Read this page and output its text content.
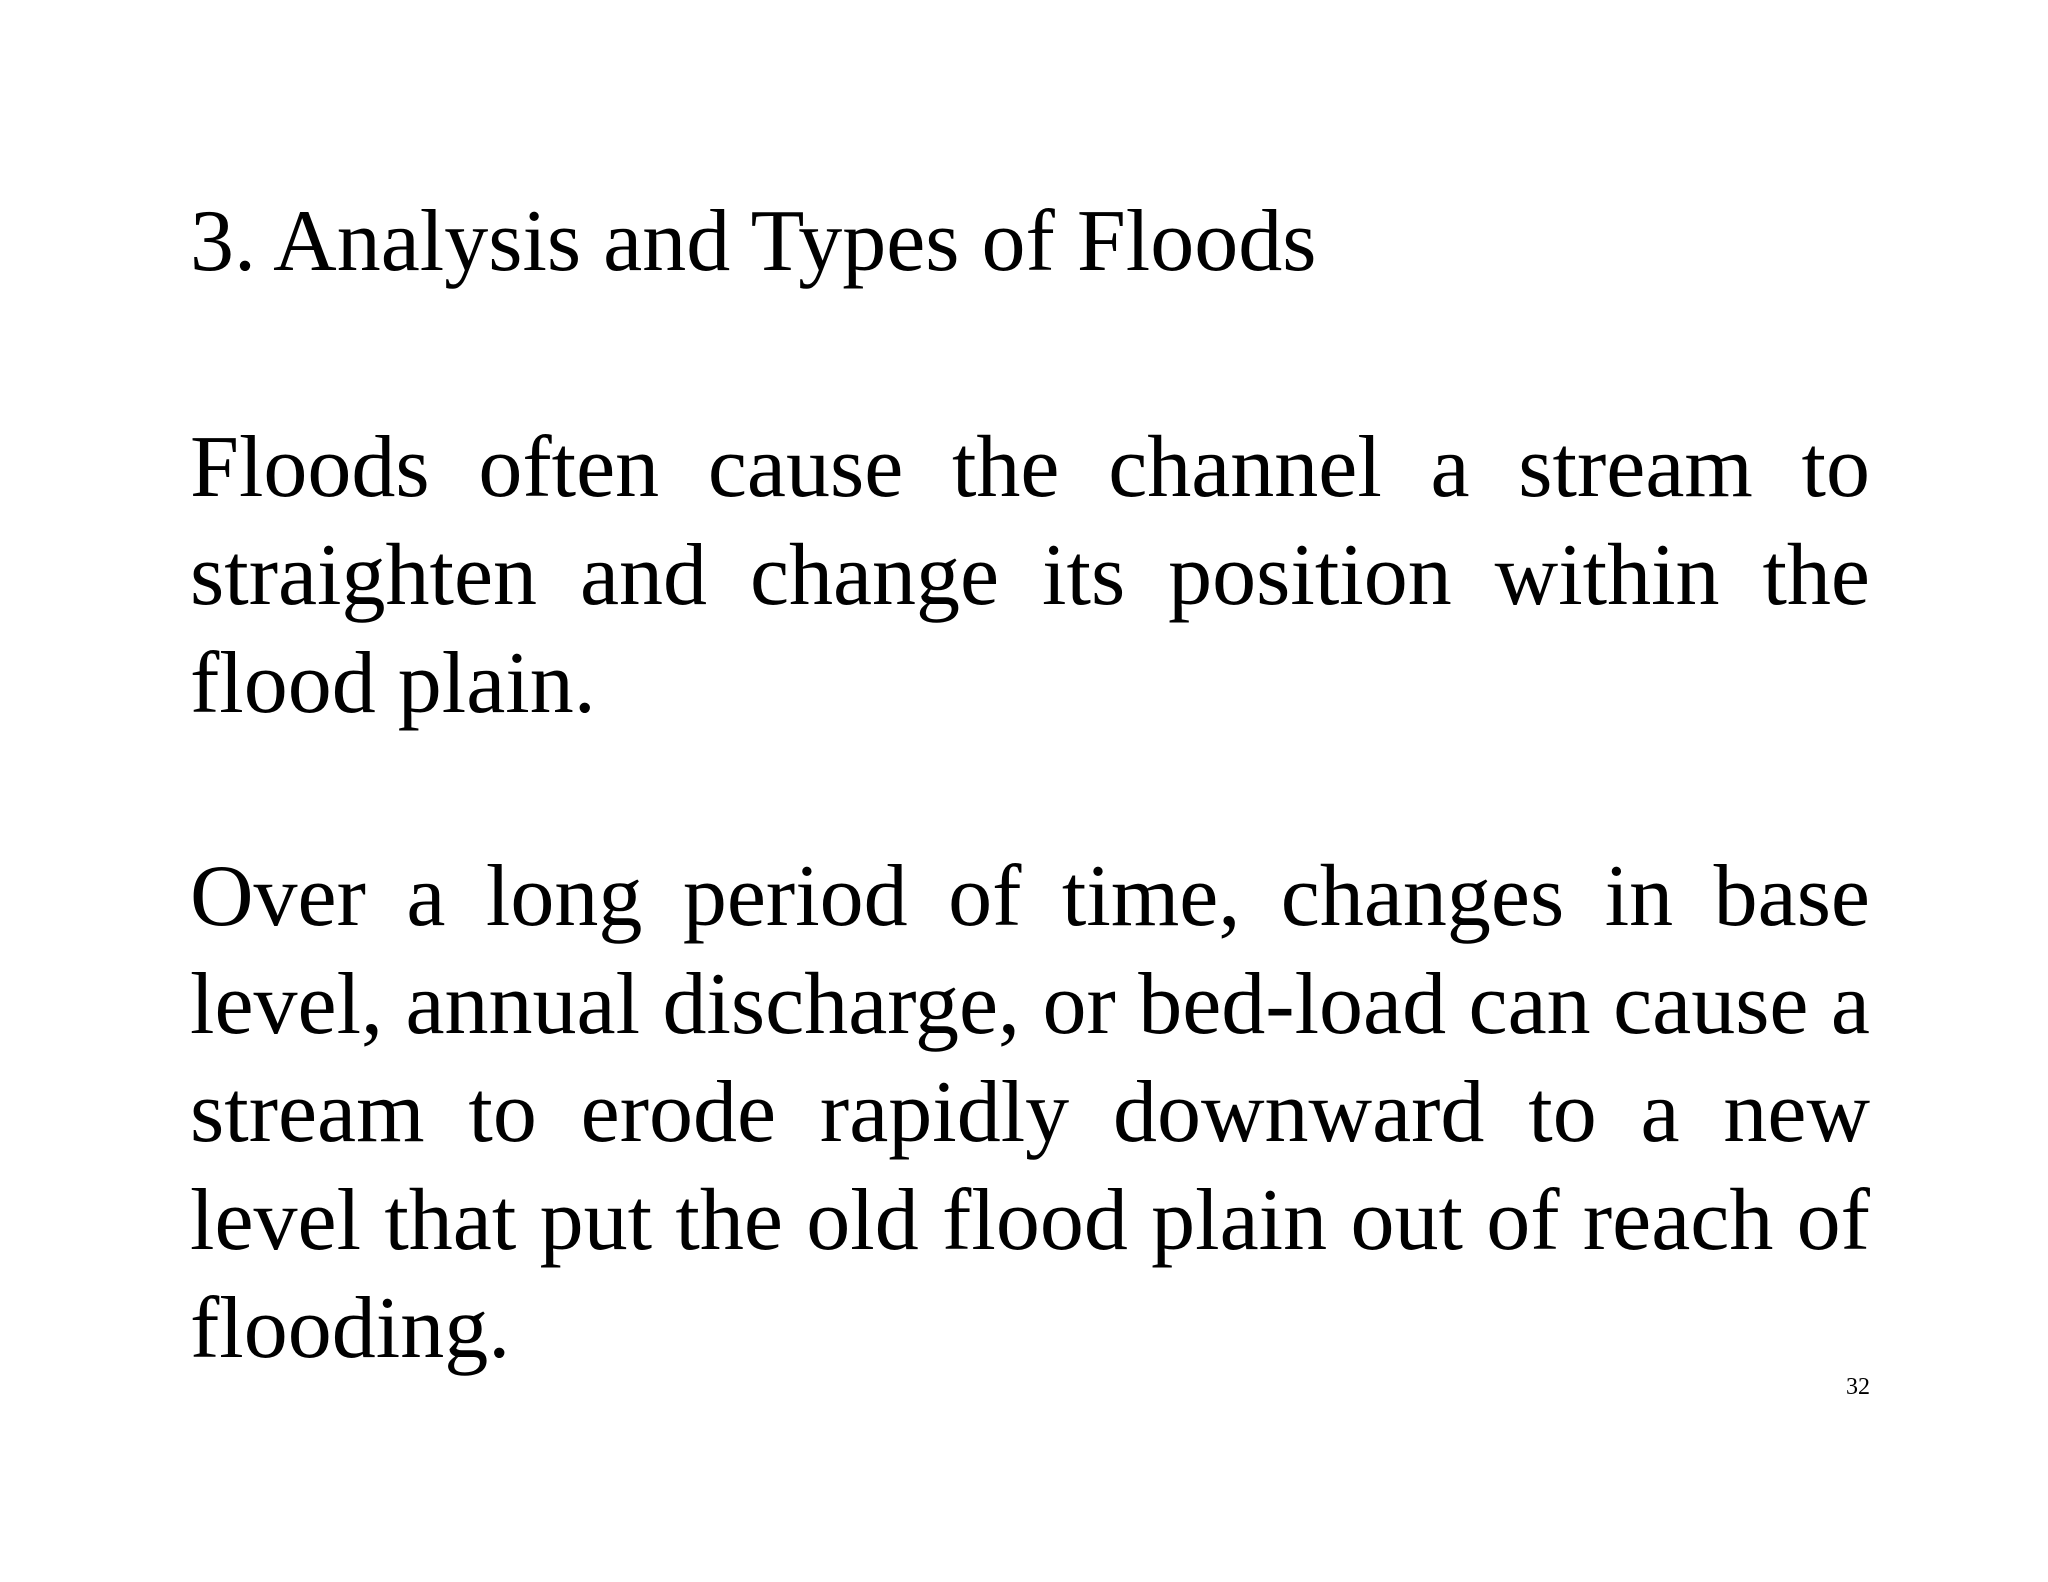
3. Analysis and Types of Floods

Floods often cause the channel a stream to straighten and change its position within the flood plain.

Over a long period of time, changes in base level, annual discharge, or bed-load can cause a stream to erode rapidly downward to a new level that put the old flood plain out of reach of flooding.

32
